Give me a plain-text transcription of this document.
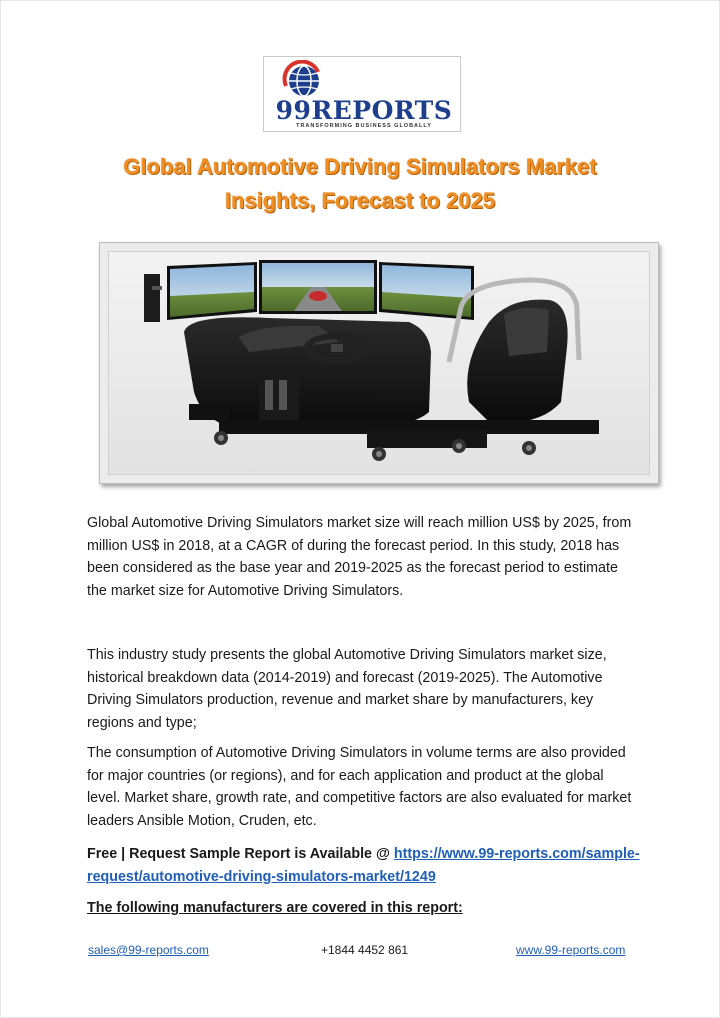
99REPORTS
TRANSFORMING BUSINESS GLOBALLY
Global Automotive Driving Simulators Market
Insights, Forecast to 2025

Global Automotive Driving Simulators market size will reach million US$ by 2025, from million US$ in 2018, at a CAGR of during the forecast period. In this study, 2018 has been considered as the base year and 2019-2025 as the forecast period to estimate the market size for Automotive Driving Simulators.

This industry study presents the global Automotive Driving Simulators market size, historical breakdown data (2014-2019) and forecast (2019-2025). The Automotive Driving Simulators production, revenue and market share by manufacturers, key regions and type;

The consumption of Automotive Driving Simulators in volume terms are also provided for major countries (or regions), and for each application and product at the global level. Market share, growth rate, and competitive factors are also evaluated for market leaders Ansible Motion, Cruden, etc.

Free | Request Sample Report is Available @ https://www.99-reports.com/sample-request/automotive-driving-simulators-market/1249
The following manufacturers are covered in this report:
sales@99-reports.com	+1844 4452 861	www.99-reports.com
